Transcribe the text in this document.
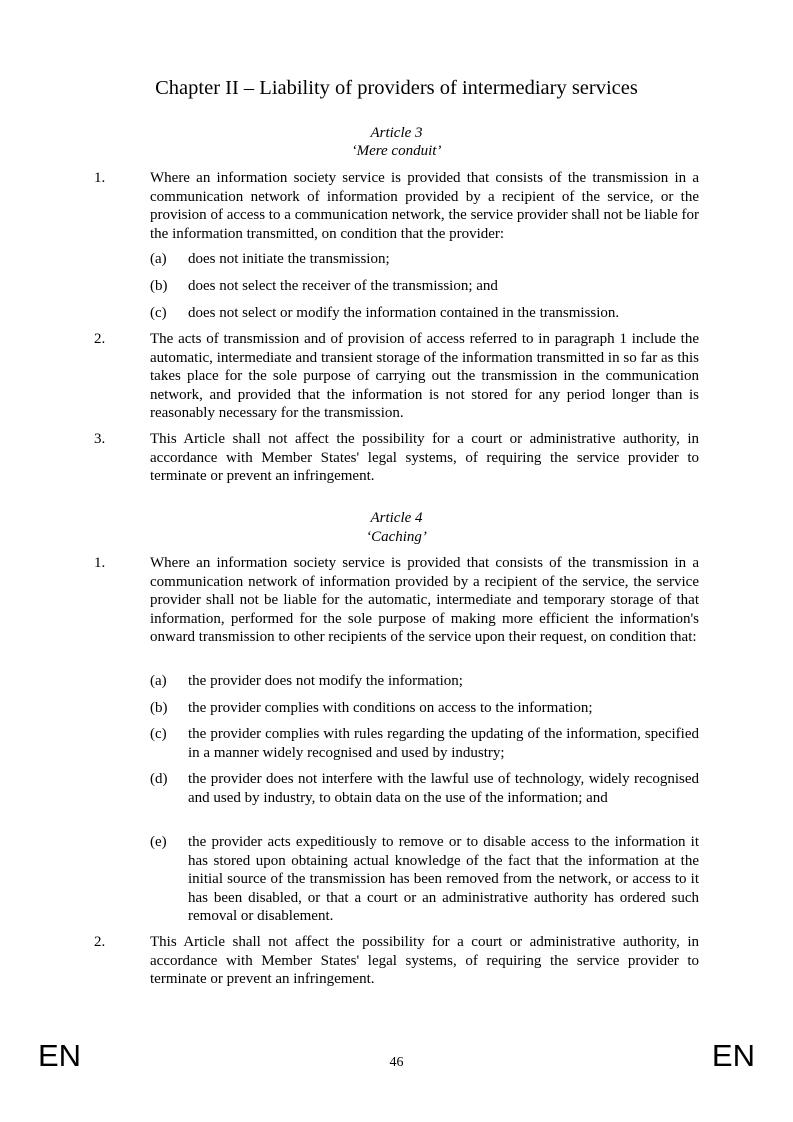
Chapter II – Liability of providers of intermediary services
Article 3
‘Mere conduit’
1.	Where an information society service is provided that consists of the transmission in a communication network of information provided by a recipient of the service, or the provision of access to a communication network, the service provider shall not be liable for the information transmitted, on condition that the provider:
(a) does not initiate the transmission;
(b) does not select the receiver of the transmission; and
(c) does not select or modify the information contained in the transmission.
2.	The acts of transmission and of provision of access referred to in paragraph 1 include the automatic, intermediate and transient storage of the information transmitted in so far as this takes place for the sole purpose of carrying out the transmission in the communication network, and provided that the information is not stored for any period longer than is reasonably necessary for the transmission.
3.	This Article shall not affect the possibility for a court or administrative authority, in accordance with Member States' legal systems, of requiring the service provider to terminate or prevent an infringement.
Article 4
‘Caching’
1.	Where an information society service is provided that consists of the transmission in a communication network of information provided by a recipient of the service, the service provider shall not be liable for the automatic, intermediate and temporary storage of that information, performed for the sole purpose of making more efficient the information's onward transmission to other recipients of the service upon their request, on condition that:
(a) the provider does not modify the information;
(b) the provider complies with conditions on access to the information;
(c) the provider complies with rules regarding the updating of the information, specified in a manner widely recognised and used by industry;
(d) the provider does not interfere with the lawful use of technology, widely recognised and used by industry, to obtain data on the use of the information; and
(e) the provider acts expeditiously to remove or to disable access to the information it has stored upon obtaining actual knowledge of the fact that the information at the initial source of the transmission has been removed from the network, or access to it has been disabled, or that a court or an administrative authority has ordered such removal or disablement.
2.	This Article shall not affect the possibility for a court or administrative authority, in accordance with Member States' legal systems, of requiring the service provider to terminate or prevent an infringement.
EN	46	EN
